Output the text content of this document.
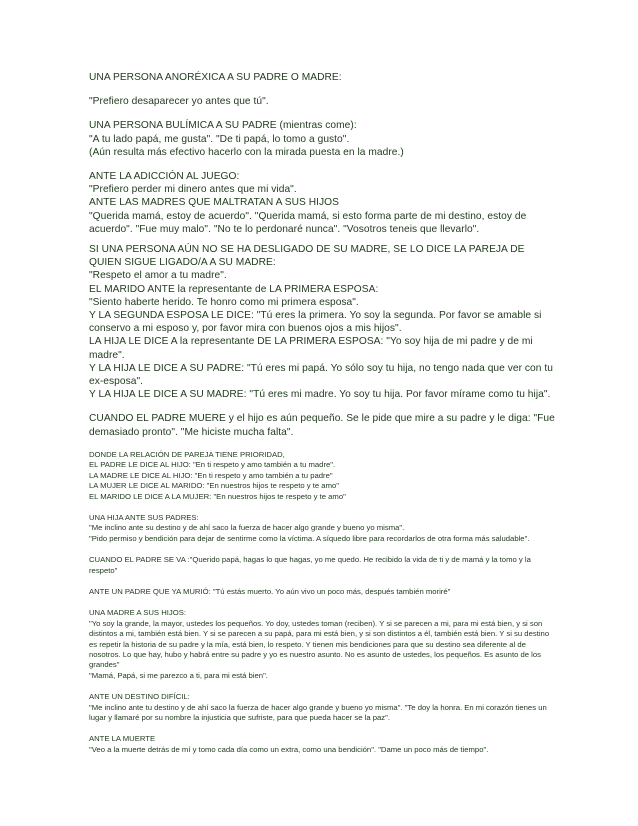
UNA PERSONA ANORÉXICA A SU PADRE O MADRE:

"Prefiero desaparecer yo antes que tú".

UNA PERSONA BULÍMICA A SU PADRE (mientras come):

"A tu lado papá, me gusta". "De ti papá, lo tomo a gusto".

(Aún resulta más efectivo hacerlo con la mirada puesta en la madre.)

ANTE LA ADICCIÓN AL JUEGO:

"Prefiero perder mi dinero antes que mi vida".

ANTE LAS MADRES QUE MALTRATAN A SUS HIJOS

"Querida mamá, estoy de acuerdo". "Querida mamá, si esto forma parte de mi destino, estoy de acuerdo". "Fue muy malo". "No te lo perdonaré nunca". "Vosotros teneis que llevarlo".

SI UNA PERSONA AÚN NO SE HA DESLIGADO DE SU MADRE, SE LO DICE LA PAREJA DE QUIEN SIGUE LIGADO/A A SU MADRE:

"Respeto el amor a tu madre".

EL MARIDO ANTE la representante de LA PRIMERA ESPOSA:

"Siento haberte herido. Te honro como mi primera esposa".

Y LA SEGUNDA ESPOSA LE DICE: "Tú eres la primera. Yo soy la segunda. Por favor se amable si conservo a mi esposo y, por favor mira con buenos ojos a mis hijos".

LA HIJA LE DICE A la representante DE LA PRIMERA ESPOSA: "Yo soy hija de mi padre y de mi madre".

Y LA HIJA LE DICE A SU PADRE: "Tú eres mi papá. Yo sólo soy tu hija, no tengo nada que ver con tu ex-esposa".

Y LA HIJA LE DICE A SU MADRE: "Tú eres mi madre. Yo soy tu hija. Por favor mírame como tu hija".

CUANDO EL PADRE MUERE y el hijo es aún pequeño. Se le pide que mire a su padre y le diga: "Fue demasiado pronto". "Me hiciste mucha falta".

DONDE LA RELACIÓN DE PAREJA TIENE PRIORIDAD,

EL PADRE LE DICE AL HIJO: "En ti respeto y amo también a tu madre".

LA MADRE LE DICE AL HIJO: "En ti respeto y amo también a tu padre"

LA MUJER LE DICE AL MARIDO: "En nuestros hijos te respeto y te amo"

EL MARIDO LE DICE A LA MUJER: "En nuestros hijos te respeto y te amo"

UNA HIJA ANTE SUS PADRES:

"Me inclino ante su destino y de ahí saco la fuerza de hacer algo grande y bueno yo misma".

"Pido permiso y bendición para dejar de sentirme como la víctima. A síquedo libre para recordarlos de otra forma más saludable".

CUANDO EL PADRE SE VA :"Querido papá, hagas lo que hagas, yo me quedo. He recibido la vida de ti y de mamá y la tomo y la respeto"

ANTE UN PADRE QUE YA MURIÓ: "Tú estás muerto. Yo aún vivo un poco más, después también moriré"

UNA MADRE A SUS HIJOS:

"Yo soy la grande, la mayor, ustedes los pequeños. Yo doy, ustedes toman (reciben). Y si se parecen a mi, para mi está bien, y si son distintos a mi, también está bien. Y si se parecen a su papá, para mi está bien, y si son distintos a él, también está bien. Y si su destino es repetir la historia de su padre y la mía, está bien, lo respeto. Y tienen mis bendiciones para que su destino sea diferente al de nosotros. Lo que hay, hubo y habrá entre su padre y yo es nuestro asunto. No es asunto de ustedes, los pequeños. Es asunto de los grandes"

"Mamá, Papá, si me parezco a ti, para mi está bien".

ANTE UN DESTINO DIFÍCIL:

"Me inclino ante tu destino y de ahí saco la fuerza de hacer algo grande y bueno yo misma". "Te doy la honra. En mi corazón tienes un lugar y llamaré por su nombre la injusticia que sufriste, para que pueda hacer se la paz".

ANTE LA MUERTE

"Veo a la muerte detrás de mí y tomo cada día como un extra, como una bendición". "Dame un poco más de tiempo".
